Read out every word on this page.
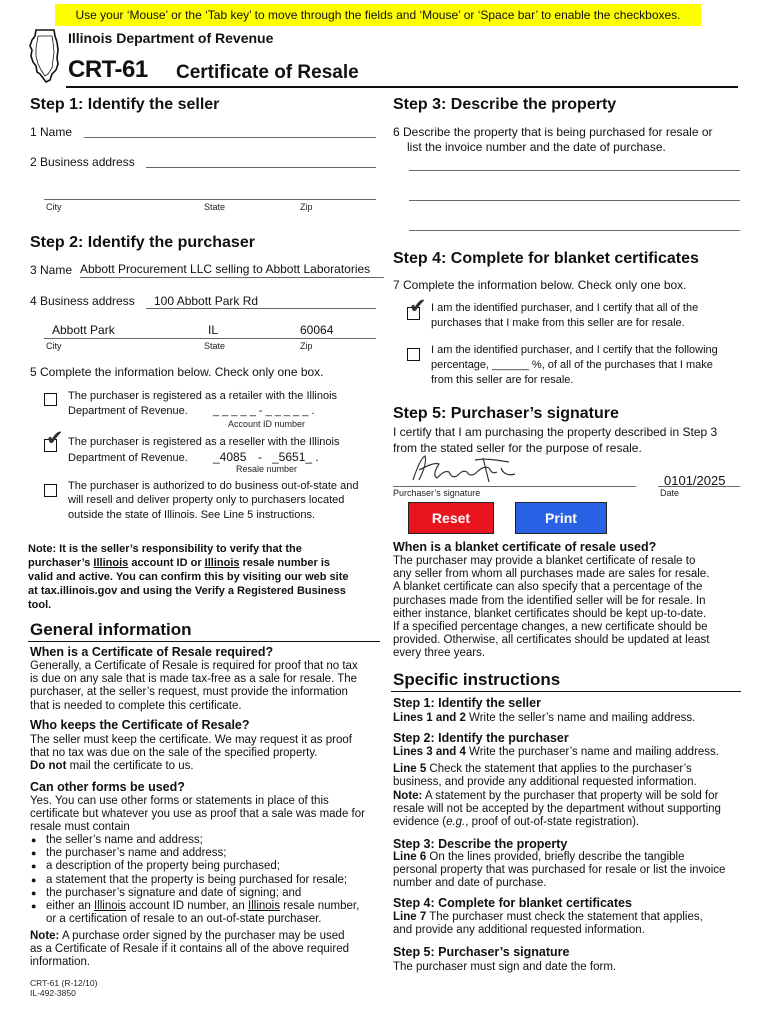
Use your ‘Mouse’ or the ‘Tab key’ to move through the fields and ‘Mouse’ or ‘Space bar’ to enable the checkboxes.
Illinois Department of Revenue
CRT-61 Certificate of Resale
Step 1: Identify the seller
1 Name
2 Business address
City	State	Zip
Step 2: Identify the purchaser
3 Name Abbott Procurement LLC selling to Abbott Laboratories
4 Business address 100 Abbott Park Rd
Abbott Park	IL	60064
City	State	Zip
5 Complete the information below. Check only one box.
The purchaser is registered as a retailer with the Illinois
Department of Revenue. _ _ _ _ _ - _ _ _ _ _ .
Account ID number
✔ The purchaser is registered as a reseller with the Illinois
Department of Revenue. _4085 - _5651_ .
Resale number
The purchaser is authorized to do business out-of-state and
will resell and deliver property only to purchasers located
outside the state of Illinois. See Line 5 instructions.
Step 3: Describe the property
6 Describe the property that is being purchased for resale or
list the invoice number and the date of purchase.
Step 4: Complete for blanket certificates
7 Complete the information below. Check only one box.
✔ I am the identified purchaser, and I certify that all of the
purchases that I make from this seller are for resale.
I am the identified purchaser, and I certify that the following
percentage, ______ %, of all of the purchases that I make
from this seller are for resale.
Step 5: Purchaser’s signature
I certify that I am purchasing the property described in Step 3
from the stated seller for the purpose of resale.
0101/2025
Purchaser’s signature	Date
Reset	Print
Note: It is the seller’s responsibility to verify that the
purchaser’s Illinois account ID or Illinois resale number is
valid and active. You can confirm this by visiting our web site
at tax.illinois.gov and using the Verify a Registered Business
tool.
General information
When is a Certificate of Resale required?
Generally, a Certificate of Resale is required for proof that no tax
is due on any sale that is made tax-free as a sale for resale. The
purchaser, at the seller’s request, must provide the information
that is needed to complete this certificate.
Who keeps the Certificate of Resale?
The seller must keep the certificate. We may request it as proof
that no tax was due on the sale of the specified property.
Do not mail the certificate to us.
Can other forms be used?
Yes. You can use other forms or statements in place of this
certificate but whatever you use as proof that a sale was made for
resale must contain
● the seller’s name and address;
● the purchaser’s name and address;
● a description of the property being purchased;
● a statement that the property is being purchased for resale;
● the purchaser’s signature and date of signing; and
● either an Illinois account ID number, an Illinois resale number,
or a certification of resale to an out-of-state purchaser.
Note: A purchase order signed by the purchaser may be used
as a Certificate of Resale if it contains all of the above required
information.
CRT-61 (R-12/10)
IL-492-3850
When is a blanket certificate of resale used?
The purchaser may provide a blanket certificate of resale to
any seller from whom all purchases made are sales for resale.
A blanket certificate can also specify that a percentage of the
purchases made from the identified seller will be for resale. In
either instance, blanket certificates should be kept up-to-date.
If a specified percentage changes, a new certificate should be
provided. Otherwise, all certificates should be updated at least
every three years.
Specific instructions
Step 1: Identify the seller
Lines 1 and 2 Write the seller’s name and mailing address.
Step 2: Identify the purchaser
Lines 3 and 4 Write the purchaser’s name and mailing address.
Line 5 Check the statement that applies to the purchaser’s
business, and provide any additional requested information.
Note: A statement by the purchaser that property will be sold for
resale will not be accepted by the department without supporting
evidence (e.g., proof of out-of-state registration).
Step 3: Describe the property
Line 6 On the lines provided, briefly describe the tangible
personal property that was purchased for resale or list the invoice
number and date of purchase.
Step 4: Complete for blanket certificates
Line 7 The purchaser must check the statement that applies,
and provide any additional requested information.
Step 5: Purchaser’s signature
The purchaser must sign and date the form.
